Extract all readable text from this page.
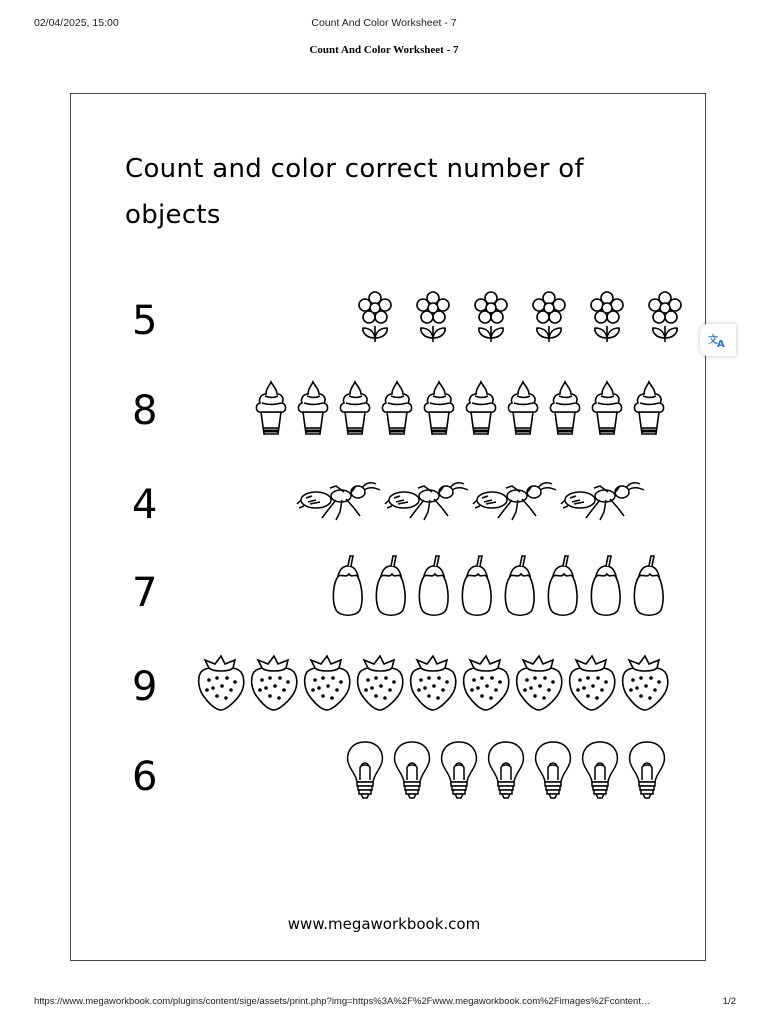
02/04/2025, 15:00	Count And Color Worksheet - 7
Count And Color Worksheet - 7
Count and color correct number of
objects
5
8
4
7
9
6
www.megaworkbook.com
https://www.megaworkbook.com/plugins/content/sige/assets/print.php?img=https%3A%2F%2Fwww.megaworkbook.com%2Fimages%2Fcontent…	1/2
文 A
